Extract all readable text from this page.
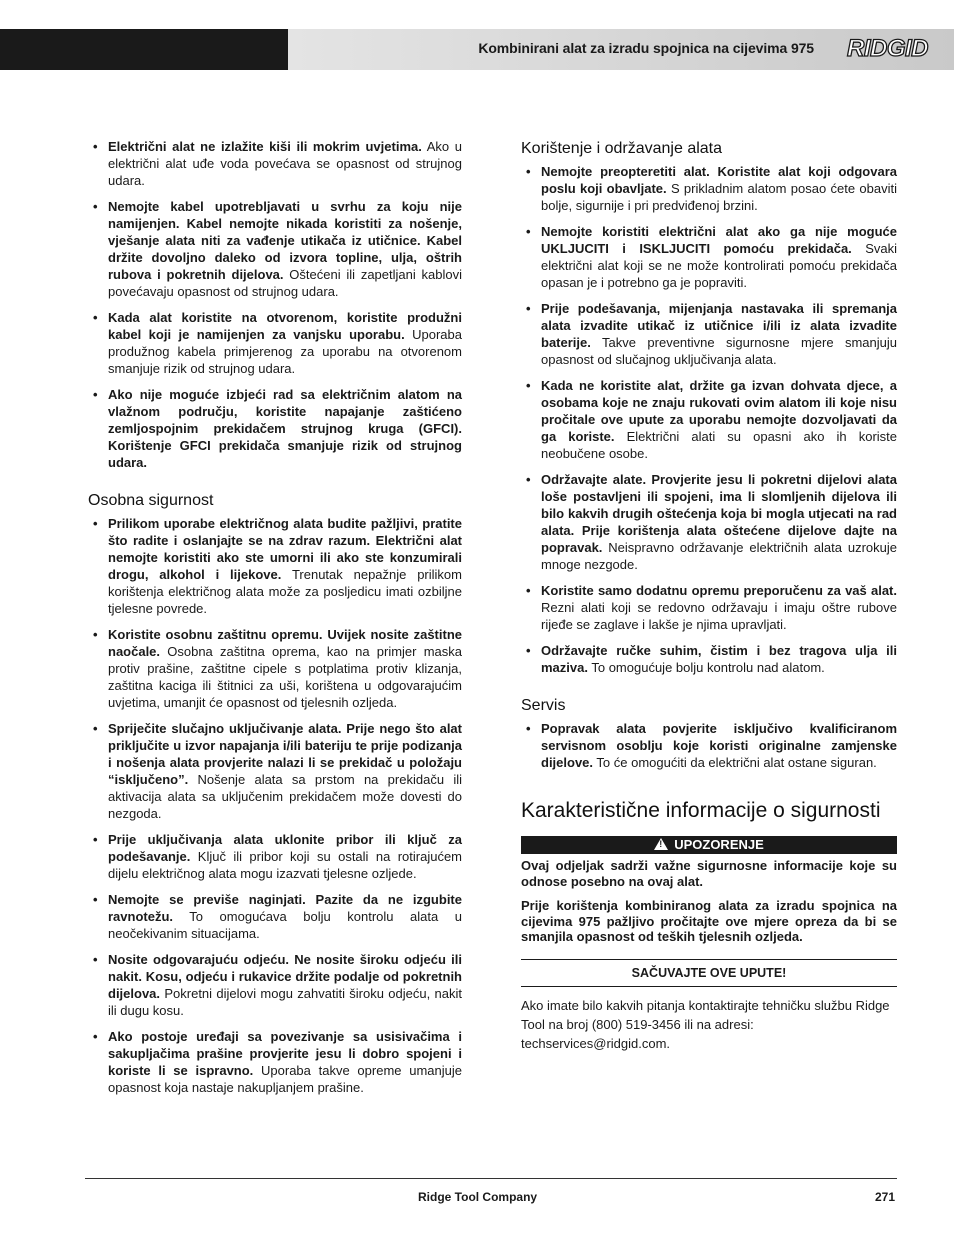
Kombinirani alat za izradu spojnica na cijevima 975 RIDGID
• Električni alat ne izlažite kiši ili mokrim uvjetima. Ako u električni alat uđe voda povećava se opasnost od strujnog udara.
• Nemojte kabel upotrebljavati u svrhu za koju nije namijenjen. Kabel nemojte nikada koristiti za nošenje, vješanje alata niti za vađenje utikača iz utičnice. Kabel držite dovoljno daleko od izvora topline, ulja, oštrih rubova i pokretnih dijelova. Oštećeni ili zapetljani kablovi povećavaju opasnost od strujnog udara.
• Kada alat koristite na otvorenom, koristite produžni kabel koji je namijenjen za vanjsku uporabu. Uporaba produžnog kabela primjerenog za uporabu na otvorenom smanjuje rizik od strujnog udara.
• Ako nije moguće izbjeći rad sa električnim alatom na vlažnom području, koristite napajanje zaštićeno zemljospojnim prekidačem strujnog kruga (GFCI). Korištenje GFCI prekidača smanjuje rizik od strujnog udara.
Osobna sigurnost
• Prilikom uporabe električnog alata budite pažljivi, pratite što radite i oslanjajte se na zdrav razum. Električni alat nemojte koristiti ako ste umorni ili ako ste konzumirali drogu, alkohol i lijekove. Trenutak nepažnje prilikom korištenja električnog alata može za posljedicu imati ozbiljne tjelesne povrede.
• Koristite osobnu zaštitnu opremu. Uvijek nosite zaštitne naočale. Osobna zaštitna oprema, kao na primjer maska protiv prašine, zaštitne cipele s potplatima protiv klizanja, zaštitna kaciga ili štitnici za uši, korištena u odgovarajućim uvjetima, umanjit će opasnost od tjelesnih ozljeda.
• Spriječite slučajno uključivanje alata. Prije nego što alat priključite u izvor napajanja i/ili bateriju te prije podizanja i nošenja alata provjerite nalazi li se prekidač u položaju “isključeno”. Nošenje alata sa prstom na prekidaču ili aktivacija alata sa uključenim prekidačem može dovesti do nezgoda.
• Prije uključivanja alata uklonite pribor ili ključ za podešavanje. Ključ ili pribor koji su ostali na rotirajućem dijelu električnog alata mogu izazvati tjelesne ozljede.
• Nemojte se previše naginjati. Pazite da ne izgubite ravnotežu. To omogućava bolju kontrolu alata u neočekivanim situacijama.
• Nosite odgovarajuću odjeću. Ne nosite široku odjeću ili nakit. Kosu, odjeću i rukavice držite podalje od pokretnih dijelova. Pokretni dijelovi mogu zahvatiti široku odjeću, nakit ili dugu kosu.
• Ako postoje uređaji sa povezivanje sa usisivačima i sakupljačima prašine provjerite jesu li dobro spojeni i koriste li se ispravno. Uporaba takve opreme umanjuje opasnost koja nastaje nakupljanjem prašine.
Korištenje i održavanje alata
• Nemojte preopteretiti alat. Koristite alat koji odgovara poslu koji obavljate. S prikladnim alatom posao ćete obaviti bolje, sigurnije i pri predviđenoj brzini.
• Nemojte koristiti električni alat ako ga nije moguće UKLJUCITI i ISKLJUCITI pomoću prekidača. Svaki električni alat koji se ne može kontrolirati pomoću prekidača opasan je i potrebno ga je popraviti.
• Prije podešavanja, mijenjanja nastavaka ili spremanja alata izvadite utikač iz utičnice i/ili iz alata izvadite baterije. Takve preventivne sigurnosne mjere smanjuju opasnost od slučajnog uključivanja alata.
• Kada ne koristite alat, držite ga izvan dohvata djece, a osobama koje ne znaju rukovati ovim alatom ili koje nisu pročitale ove upute za uporabu nemojte dozvoljavati da ga koriste. Električni alati su opasni ako ih koriste neobučene osobe.
• Održavajte alate. Provjerite jesu li pokretni dijelovi alata loše postavljeni ili spojeni, ima li slomljenih dijelova ili bilo kakvih drugih oštećenja koja bi mogla utjecati na rad alata. Prije korištenja alata oštećene dijelove dajte na popravak. Neispravno održavanje električnih alata uzrokuje mnoge nezgode.
• Koristite samo dodatnu opremu preporučenu za vaš alat. Rezni alati koji se redovno održavaju i imaju oštre rubove rijeđe se zaglave i lakše je njima upravljati.
• Održavajte ručke suhim, čistim i bez tragova ulja ili maziva. To omogućuje bolju kontrolu nad alatom.
Servis
• Popravak alata povjerite isključivo kvalificiranom servisnom osoblju koje koristi originalne zamjenske dijelove. To će omogućiti da električni alat ostane siguran.
Karakteristične informacije o sigurnosti
!UPOZORENJE

Ovaj odjeljak sadrži važne sigurnosne informacije koje su odnose posebno na ovaj alat.

Prije korištenja kombiniranog alata za izradu spojnica na cijevima 975 pažljivo pročitajte ove mjere opreza da bi se smanjila opasnost od teških tjelesnih ozljeda.

SAČUVAJTE OVE UPUTE!

Ako imate bilo kakvih pitanja kontaktirajte tehničku službu Ridge Tool na broj (800) 519-3456 ili na adresi: techservices@ridgid.com.

Ridge Tool Company	271
